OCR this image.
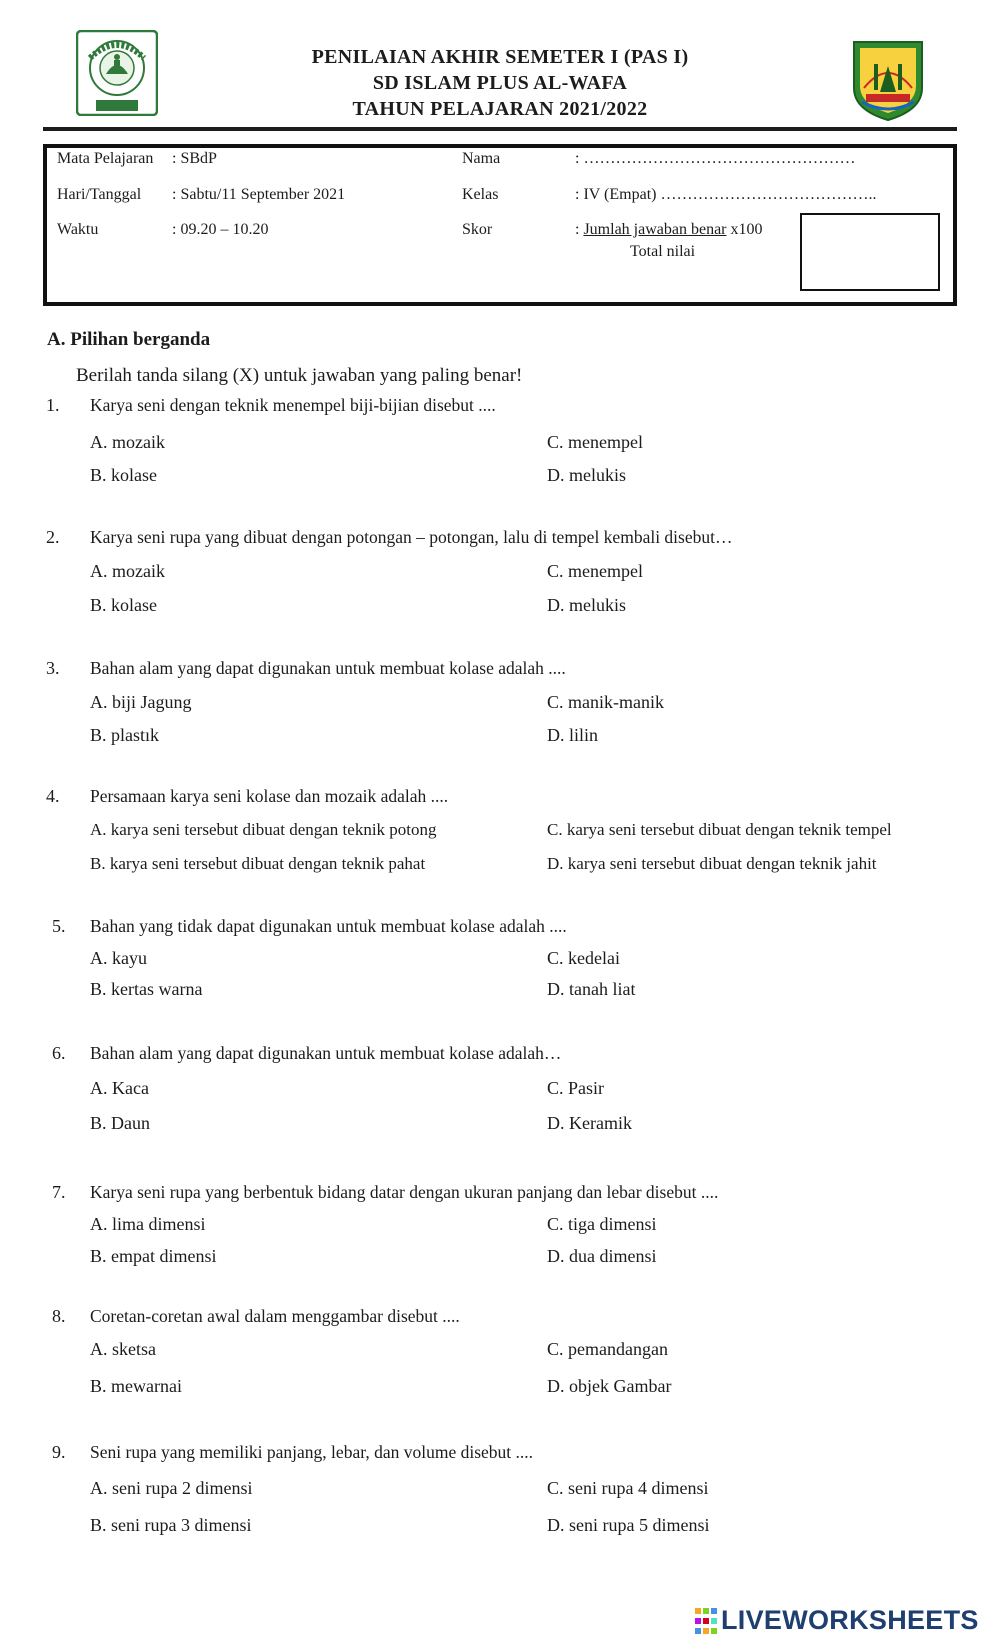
PENILAIAN AKHIR SEMETER I (PAS I)
SD ISLAM PLUS AL-WAFA
TAHUN PELAJARAN 2021/2022
Mata Pelajaran : SBdP
Hari/Tanggal : Sabtu/11 September 2021
Waktu	: 09.20 – 10.20
Nama	: ……………………………………………
Kelas	: IV (Empat) …………………………………..
Skor	: Jumlah jawaban benar x100
Total nilai
A. Pilihan berganda
Berilah tanda silang (X) untuk jawaban yang paling benar!
1. Karya seni dengan teknik menempel biji-bijian disebut ....
A. mozaik	C. menempel
B. kolase	D. melukis
2. Karya seni rupa yang dibuat dengan potongan – potongan, lalu di tempel kembali disebut…
A. mozaik	C. menempel
B. kolase	D. melukis
3. Bahan alam yang dapat digunakan untuk membuat kolase adalah ....
A. biji Jagung	C. manik-manik
B. plastık	D. lilin
4. Persamaan karya seni kolase dan mozaik adalah ....
A. karya seni tersebut dibuat dengan teknik potong	C. karya seni tersebut dibuat dengan teknik tempel
B. karya seni tersebut dibuat dengan teknik pahat	D. karya seni tersebut dibuat dengan teknik jahit
5. Bahan yang tidak dapat digunakan untuk membuat kolase adalah ....
A. kayu	C. kedelai
B. kertas warna	D. tanah liat
6. Bahan alam yang dapat digunakan untuk membuat kolase adalah…
A. Kaca	C. Pasir
B. Daun	D. Keramik
7. Karya seni rupa yang berbentuk bidang datar dengan ukuran panjang dan lebar disebut ....
A. lima dimensi	C. tiga dimensi
B. empat dimensi	D. dua dimensi
8. Coretan-coretan awal dalam menggambar disebut ....
A. sketsa	C. pemandangan
B. mewarnai	D. objek Gambar
9. Seni rupa yang memiliki panjang, lebar, dan volume disebut ....
A. seni rupa 2 dimensi	C. seni rupa 4 dimensi
B. seni rupa 3 dimensi	D. seni rupa 5 dimensi
LIVEWORKSHEETS
